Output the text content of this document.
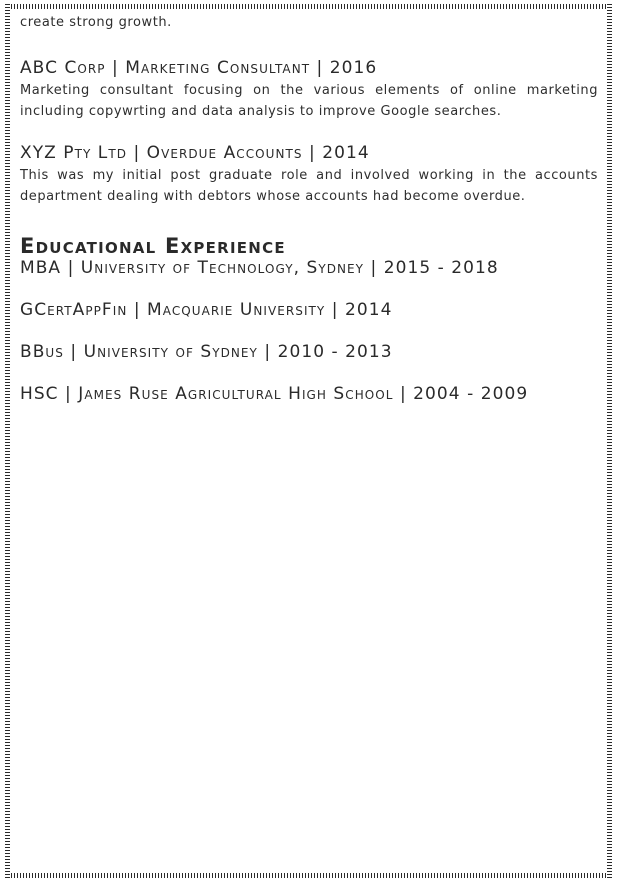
create strong growth.

ABC Corp | Marketing Consultant | 2016

Marketing consultant focusing on the various elements of online marketing including copywrting and data analysis to improve Google searches.

XYZ Pty Ltd | Overdue Accounts | 2014

This was my initial post graduate role and involved working in the accounts department dealing with debtors whose accounts had become overdue.

Educational Experience

MBA | University of Technology, Sydney | 2015 - 2018

GCertAppFin | Macquarie University | 2014

BBus | University of Sydney | 2010 - 2013

HSC | James Ruse Agricultural High School | 2004 - 2009
